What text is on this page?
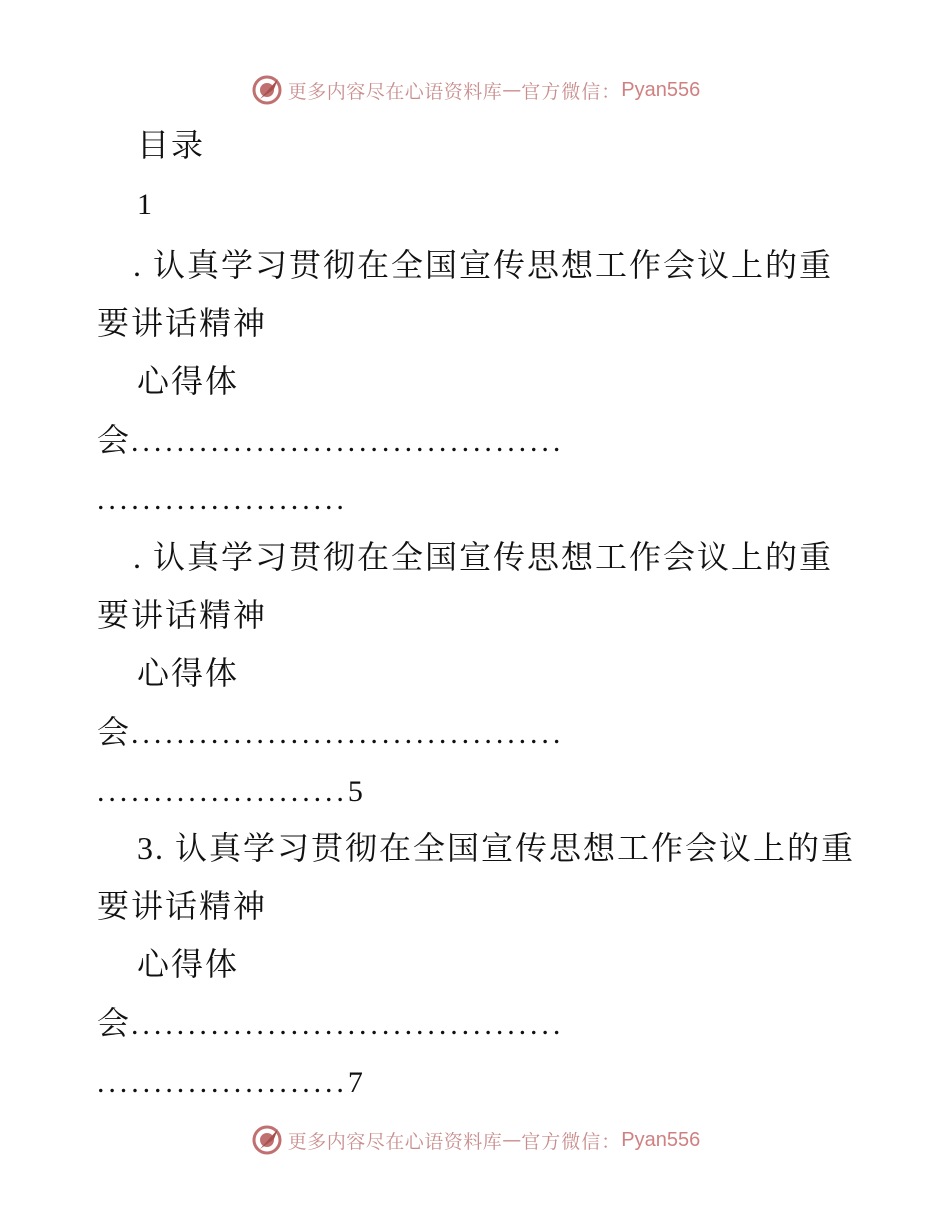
更多内容尽在心语资料库 — 官方微信： Pyan556
目录
1
. 认真学习贯彻在全国宣传思想工作会议上的重
要讲话精神
心得体
会......................................
......................
. 认真学习贯彻在全国宣传思想工作会议上的重
要讲话精神
心得体
会......................................
......................5
3. 认真学习贯彻在全国宣传思想工作会议上的重
要讲话精神
心得体
会......................................
......................7
更多内容尽在心语资料库 — 官方微信： Pyan556
